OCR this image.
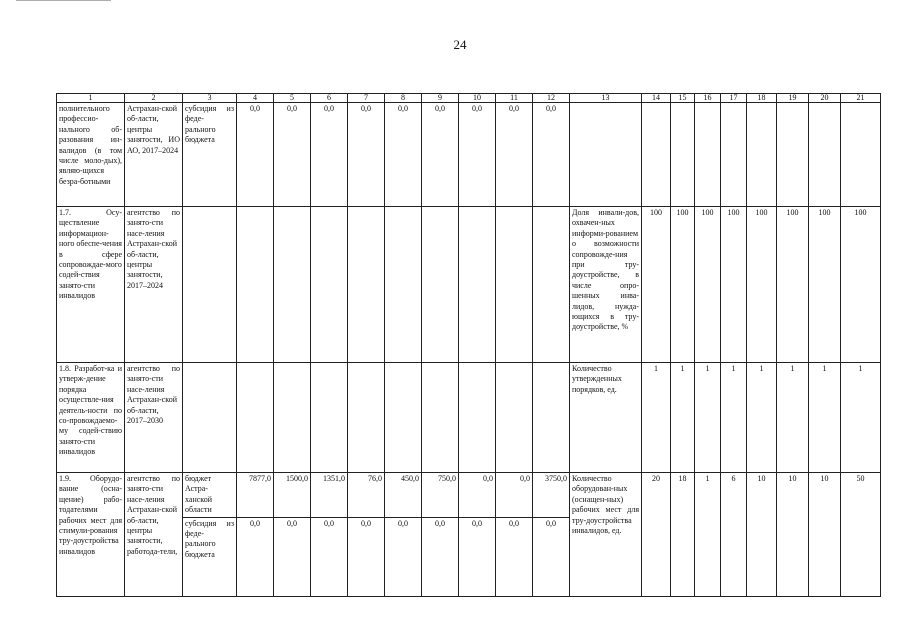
24
1	2	3	4	5	6	7	8	9	10	11	12	13	14	15	16	17	18	19	20	21
полнительного профессио-нального об-разования ин-валидов (в том числе моло-дых), являю-щихся безра-ботными	Астрахан-ской об-ласти, центры занятости, ИО АО, 2017–2024	субсидия из феде-рального бюджета	0,0	0,0	0,0	0,0	0,0	0,0	0,0	0,0	0,0									
1.7. Осу-ществление информацион-ного обеспе-чения в сфере сопровождае-мого содей-ствия занято-сти инвалидов	агентство по занято-сти насе-ления Астрахан-ской об-ласти, центры занятости, 2017–2024											Доля инвали-дов, охвачен-ных информи-рованием о возможности сопровожде-ния при тру-доустройстве, в числе опро-шенных инва-лидов, нужда-ющихся в тру-доустройстве, %	100	100	100	100	100	100	100	100
1.8. Разработ-ка и утверж-дение порядка осуществле-ния деятель-ности по со-провождаемо-му содей-ствию занято-сти инвалидов	агентство по занято-сти насе-ления Астрахан-ской об-ласти, 2017–2030											Количество утвержденных порядков, ед.	1	1	1	1	1	1	1	1
1.9. Оборудо-вание (осна-щение) рабо-тодателями рабочих мест для стимули-рования тру-доустройства инвалидов	агентство по занято-сти насе-ления Астрахан-ской об-ласти, центры занятости, работода-тели,	бюджет Астра-ханской области	7877,0	1500,0	1351,0	76,0	450,0	750,0	0,0	0,0	3750,0	Количество оборудован-ных (оснащен-ных) рабочих мест для тру-доустройства инвалидов, ед.	20	18	1	6	10	10	10	50
		субсидия из феде-рального бюджета	0,0	0,0	0,0	0,0	0,0	0,0	0,0	0,0	0,0									
